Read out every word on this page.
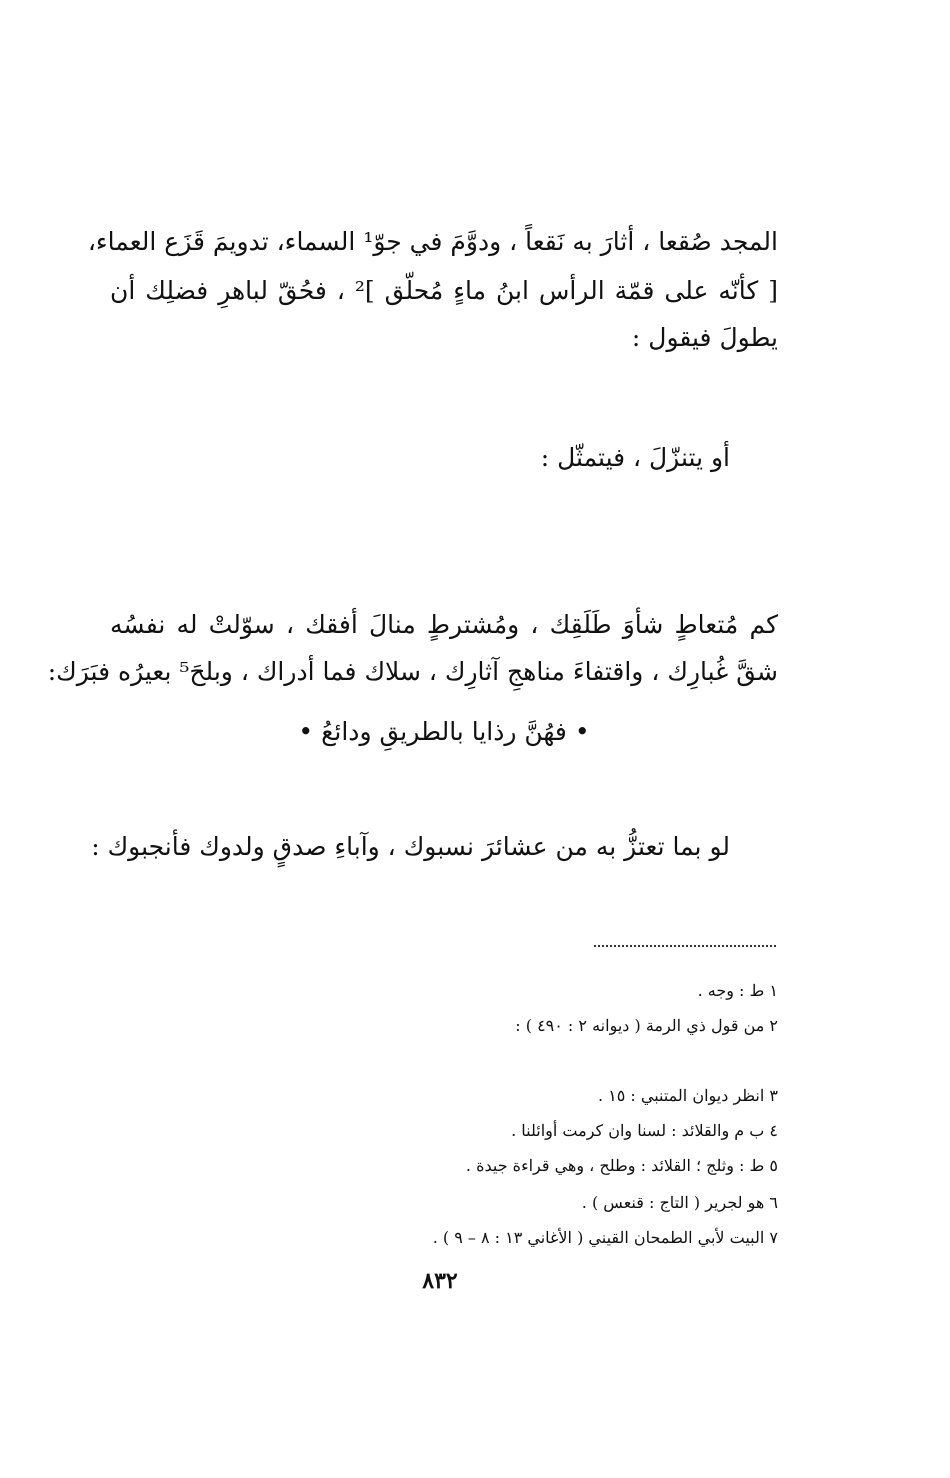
المجد صُقعا ، أثارَ به نَقعاً ، ودوَّمَ في جوّ¹ السماء، تدويمَ قَزَع العماء،
[ كأنّه على قمّة الرأس ابنُ ماءٍ مُحلّق ]² ، فحُقّ لباهرِ فضلِك أن
يطولَ فيقول :
أو يتنزّلَ ، فيتمثّل :
كم مُتعاطٍ شأوَ طَلَقِك ، ومُشترطٍ منالَ أفقك ، سوّلتْ له نفسُه
شقَّ غُبارِك ، واقتفاءَ مناهجِ آثارِك ، سلاك فما أدراك ، وبلحَ⁵ بعيرُه فبَرَك:
• فهُنَّ رذايا بالطريقِ ودائعُ •
لو بما تعتزُّ به من عشائرَ نسبوك ، وآباءِ صدقٍ ولدوك فأنجبوك :
١ ط : وجه .
٢ من قول ذي الرمة ( ديوانه ٢ : ٤٩٠ ) :
٣ انظر ديوان المتنبي : ١٥ .
٤ ب م والقلائد : لسنا وان كرمت أوائلنا .
٥ ط : وثلج ؛ القلائد : وطلح ، وهي قراءة جيدة .
٦ هو لجرير ( التاج : قنعس ) .
٧ البيت لأبي الطمحان القيني ( الأغاني ١٣ : ٨ – ٩ ) .
٨٣٢
